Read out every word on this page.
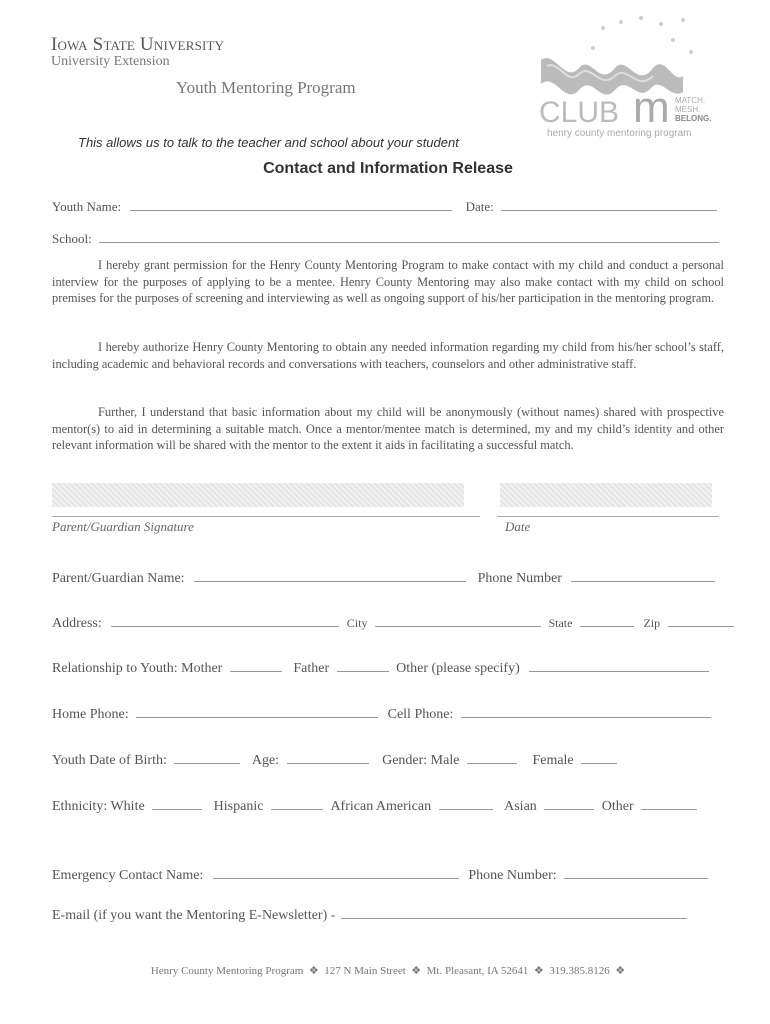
Iowa State University
University Extension
Youth Mentoring Program
CLUB m MATCH.
MESH.
BELONG.
henry county mentoring program
This allows us to talk to the teacher and school about your student
Contact and Information Release
Youth Name:	Date:
School:

I hereby grant permission for the Henry County Mentoring Program to make contact with my child and conduct a personal interview for the purposes of applying to be a mentee. Henry County Mentoring may also make contact with my child on school premises for the purposes of screening and interviewing as well as ongoing support of his/her participation in the mentoring program.

I hereby authorize Henry County Mentoring to obtain any needed information regarding my child from his/her school’s staff, including academic and behavioral records and conversations with teachers, counselors and other administrative staff.

Further, I understand that basic information about my child will be anonymously (without names) shared with prospective mentor(s) to aid in determining a suitable match. Once a mentor/mentee match is determined, my and my child’s identity and other relevant information will be shared with the mentor to the extent it aids in facilitating a successful match.

Parent/Guardian Signature	Date
Parent/Guardian Name:	Phone Number
Address:	City	State	Zip
Relationship to Youth: Mother	Father	Other (please specify)
Home Phone:	Cell Phone:
Youth Date of Birth:	Age:	Gender: Male	Female
Ethnicity: White	Hispanic	African American	Asian	Other
Emergency Contact Name:	Phone Number:
E-mail (if you want the Mentoring E-Newsletter) -
Henry County Mentoring Program  ❖  127 N Main Street  ❖  Mt. Pleasant, IA 52641  ❖  319.385.8126  ❖
